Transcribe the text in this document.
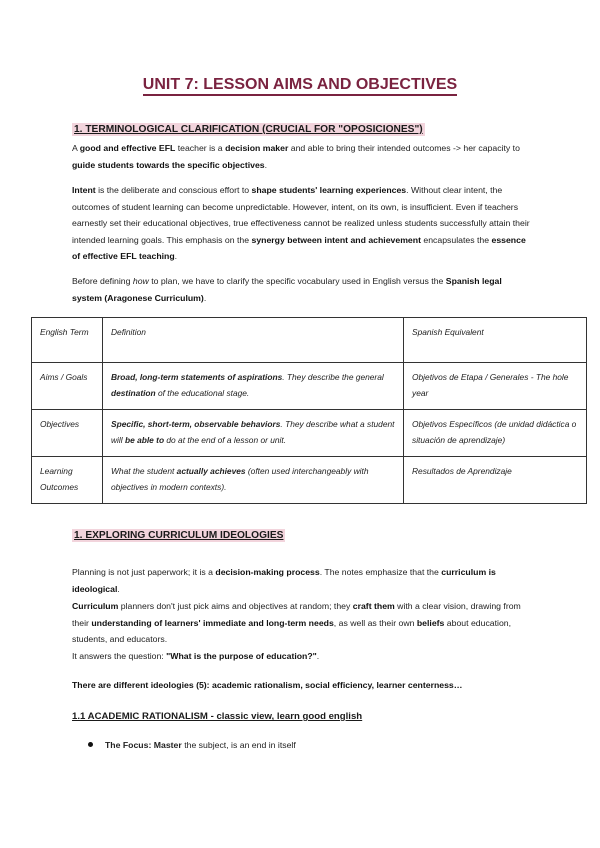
UNIT 7: LESSON AIMS AND OBJECTIVES
1. TERMINOLOGICAL CLARIFICATION (CRUCIAL FOR "OPOSICIONES")
A good and effective EFL teacher is a decision maker and able to bring their intended outcomes -> her capacity to guide students towards the specific objectives.
Intent is the deliberate and conscious effort to shape students' learning experiences. Without clear intent, the outcomes of student learning can become unpredictable. However, intent, on its own, is insufficient. Even if teachers earnestly set their educational objectives, true effectiveness cannot be realized unless students successfully attain their intended learning goals. This emphasis on the synergy between intent and achievement encapsulates the essence of effective EFL teaching.
Before defining how to plan, we have to clarify the specific vocabulary used in English versus the Spanish legal system (Aragonese Curriculum).
English Term	Definition	Spanish Equivalent
Aims / Goals	Broad, long-term statements of aspirations. They describe the general destination of the educational stage.	Objetivos de Etapa / Generales - The hole year
Objectives	Specific, short-term, observable behaviors. They describe what a student will be able to do at the end of a lesson or unit.	Objetivos Específicos (de unidad didáctica o situación de aprendizaje)
Learning Outcomes	What the student actually achieves (often used interchangeably with objectives in modern contexts).	Resultados de Aprendizaje
1. EXPLORING CURRICULUM IDEOLOGIES
Planning is not just paperwork; it is a decision-making process. The notes emphasize that the curriculum is ideological.
Curriculum planners don't just pick aims and objectives at random; they craft them with a clear vision, drawing from their understanding of learners' immediate and long-term needs, as well as their own beliefs about education, students, and educators.
It answers the question: "What is the purpose of education?".
There are different ideologies (5): academic rationalism, social efficiency, learner centerness…
1.1 ACADEMIC RATIONALISM - classic view, learn good english
The Focus: Master the subject, is an end in itself
